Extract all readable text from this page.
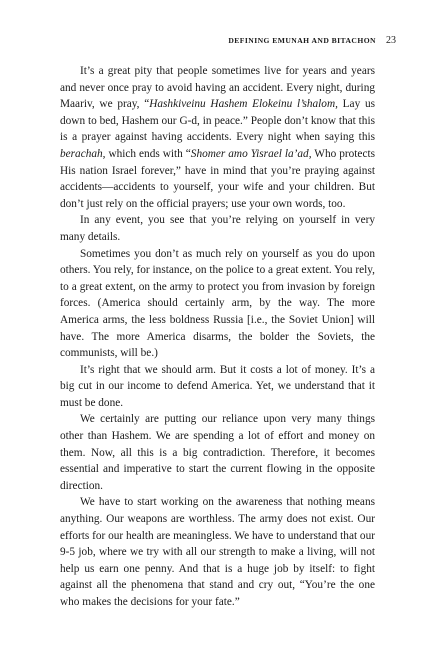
DEFINING EMUNAH AND BITACHON 23

It’s a great pity that people sometimes live for years and years and never once pray to avoid having an accident. Every night, during Maariv, we pray, “Hashkiveinu Hashem Elokeinu l’shalom, Lay us down to bed, Hashem our G-d, in peace.” People don’t know that this is a prayer against having accidents. Every night when saying this berachah, which ends with “Shomer amo Yisrael la’ad, Who protects His nation Israel forever,” have in mind that you’re praying against accidents—accidents to yourself, your wife and your children. But don’t just rely on the official prayers; use your own words, too.

In any event, you see that you’re relying on yourself in very many details.

Sometimes you don’t as much rely on yourself as you do upon others. You rely, for instance, on the police to a great extent. You rely, to a great extent, on the army to protect you from invasion by foreign forces. (America should certainly arm, by the way. The more America arms, the less boldness Russia [i.e., the Soviet Union] will have. The more America disarms, the bolder the Soviets, the communists, will be.)

It’s right that we should arm. But it costs a lot of money. It’s a big cut in our income to defend America. Yet, we understand that it must be done.

We certainly are putting our reliance upon very many things other than Hashem. We are spending a lot of effort and money on them. Now, all this is a big contradiction. Therefore, it becomes essential and imperative to start the current flowing in the opposite direction.

We have to start working on the awareness that nothing means anything. Our weapons are worthless. The army does not exist. Our efforts for our health are meaningless. We have to understand that our 9-5 job, where we try with all our strength to make a living, will not help us earn one penny. And that is a huge job by itself: to fight against all the phenomena that stand and cry out, “You’re the one who makes the decisions for your fate.”
